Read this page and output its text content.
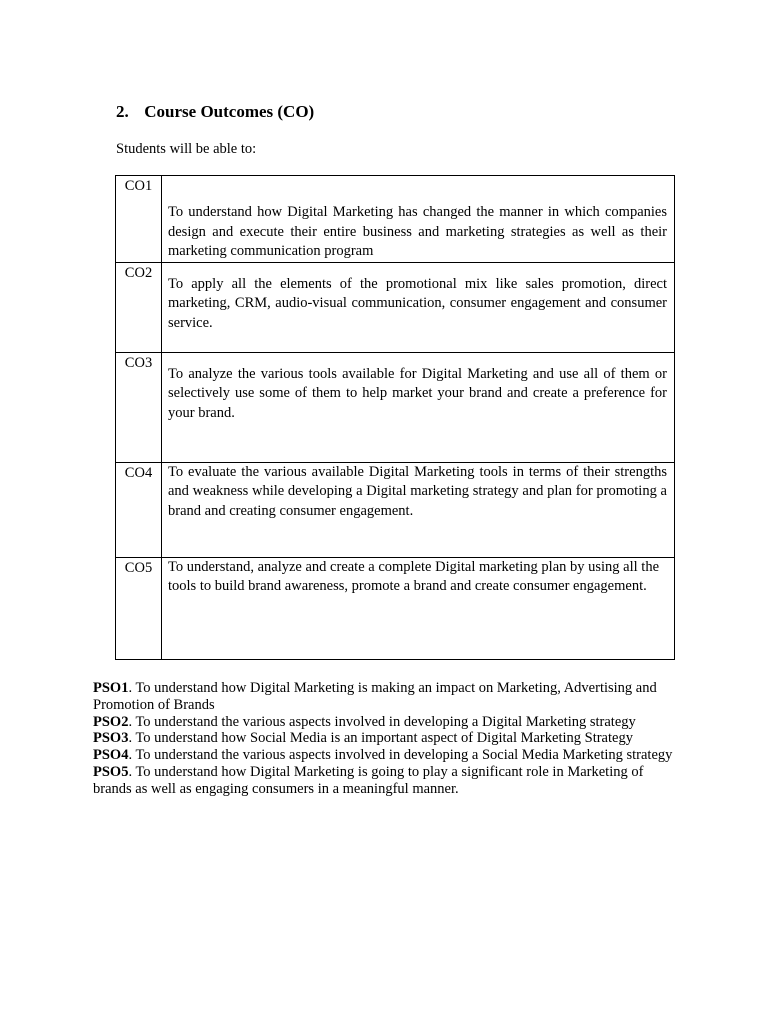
2. Course Outcomes (CO)

Students will be able to:

CO1	To understand how Digital Marketing has changed the manner in which companies design and execute their entire business and marketing strategies as well as their marketing communication program

CO2	To apply all the elements of the promotional mix like sales promotion, direct marketing, CRM, audio-visual communication, consumer engagement and consumer service.

CO3	To analyze the various tools available for Digital Marketing and use all of them or selectively use some of them to help market your brand and create a preference for your brand.

CO4	To evaluate the various available Digital Marketing tools in terms of their strengths and weakness while developing a Digital marketing strategy and plan for promoting a brand and creating consumer engagement.

CO5	To understand, analyze and create a complete Digital marketing plan by using all the tools to build brand awareness, promote a brand and create consumer engagement.

PSO1. To understand how Digital Marketing is making an impact on Marketing, Advertising and Promotion of Brands

PSO2. To understand the various aspects involved in developing a Digital Marketing strategy

PSO3. To understand how Social Media is an important aspect of Digital Marketing Strategy

PSO4. To understand the various aspects involved in developing a Social Media Marketing strategy

PSO5. To understand how Digital Marketing is going to play a significant role in Marketing of brands as well as engaging consumers in a meaningful manner.
